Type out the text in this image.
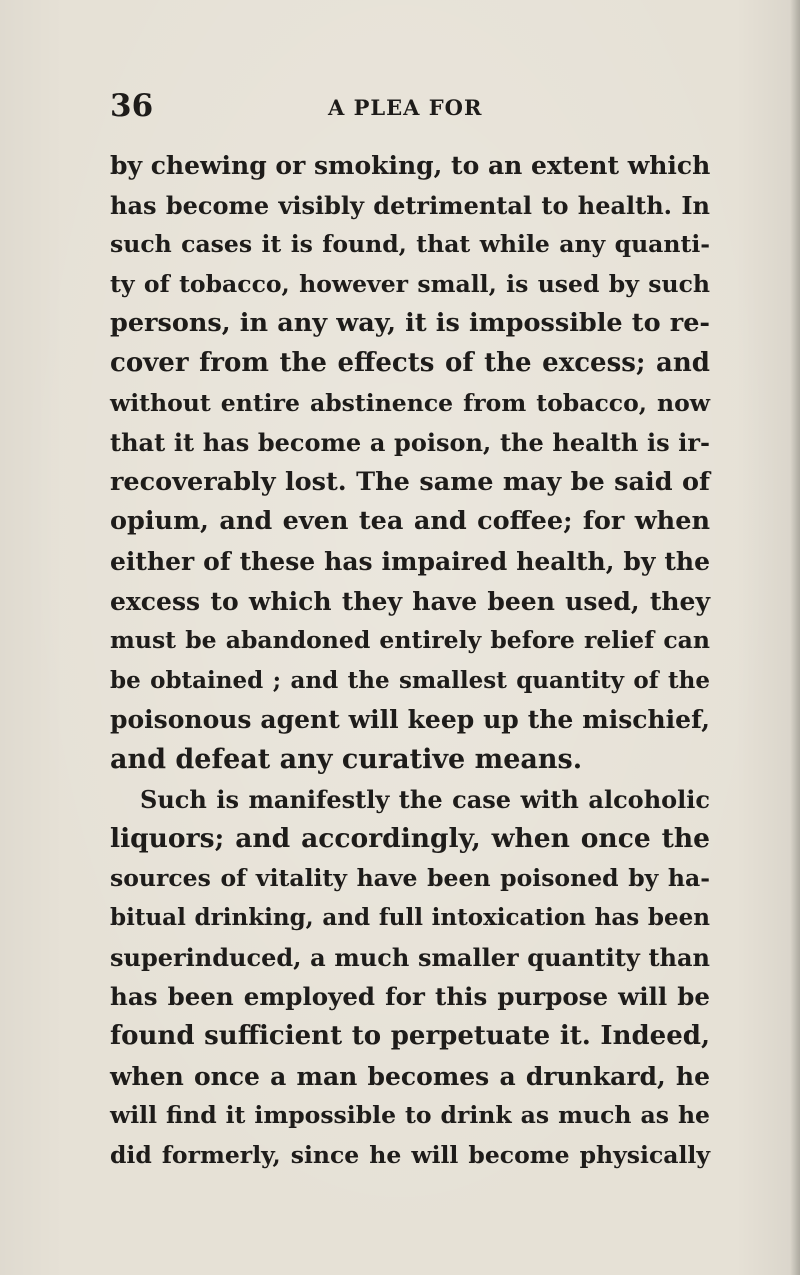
36	A PLEA FOR
by chewing or smoking, to an extent which
has become visibly detrimental to health. In
such cases it is found, that while any quanti-
ty of tobacco, however small, is used by such
persons, in any way, it is impossible to re-
cover from the effects of the excess; and
without entire abstinence from tobacco, now
that it has become a poison, the health is ir-
recoverably lost. The same may be said of
opium, and even tea and coffee; for when
either of these has impaired health, by the
excess to which they have been used, they
must be abandoned entirely before relief can
be obtained ; and the smallest quantity of the
poisonous agent will keep up the mischief,
and defeat any curative means.
Such is manifestly the case with alcoholic
liquors; and accordingly, when once the
sources of vitality have been poisoned by ha-
bitual drinking, and full intoxication has been
superinduced, a much smaller quantity than
has been employed for this purpose will be
found sufficient to perpetuate it. Indeed,
when once a man becomes a drunkard, he
will find it impossible to drink as much as he
did formerly, since he will become physically
